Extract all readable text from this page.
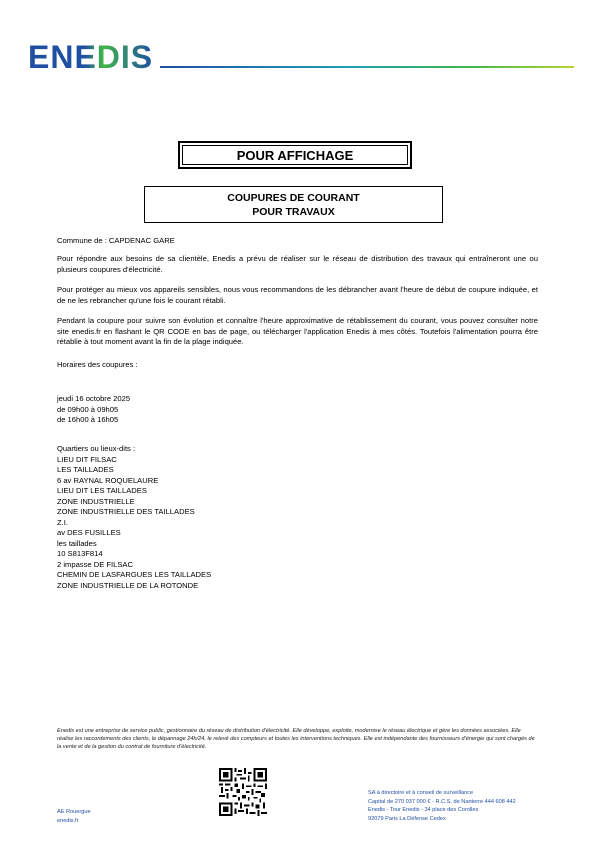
ENEDIS
POUR AFFICHAGE
COUPURES DE COURANT
POUR TRAVAUX
Commune de : CAPDENAC GARE

Pour répondre aux besoins de sa clientèle, Enedis a prévu de réaliser sur le réseau de distribution des travaux qui entraîneront une ou plusieurs coupures d'électricité.

Pour protéger au mieux vos appareils sensibles, nous vous recommandons de les débrancher avant l'heure de début de coupure indiquée, et de ne les rebrancher qu'une fois le courant rétabli.

Pendant la coupure pour suivre son évolution et connaître l'heure approximative de rétablissement du courant, vous pouvez consulter notre site enedis.fr en flashant le QR CODE en bas de page, ou télécharger l'application Enedis à mes côtés. Toutefois l'alimentation pourra être rétablie à tout moment avant la fin de la plage indiquée.

Horaires des coupures :
jeudi 16 octobre 2025
de 09h00 à 09h05
de 16h00 à 16h05
Quartiers ou lieux-dits :
LIEU DIT FILSAC
LES TAILLADES
6 av RAYNAL ROQUELAURE
LIEU DIT LES TAILLADES
ZONE INDUSTRIELLE
ZONE INDUSTRIELLE DES TAILLADES
Z.I.
av DES FUSILLES
les taillades
10 S813F814
2 impasse DE FILSAC
CHEMIN DE LASFARGUES LES TAILLADES
ZONE INDUSTRIELLE DE LA ROTONDE
Enedis est une entreprise de service public, gestionnaire du réseau de distribution d'électricité. Elle développe, exploite, modernise le réseau électrique et gère les données associées. Elle réalise les raccordements des clients, le dépannage 24h/24, le relevé des compteurs et toutes les interventions techniques. Elle est indépendante des fournisseurs d'énergie qui sont chargés de la vente et de la gestion du contrat de fourniture d'électricité.
AE Rouergue
enedis.fr
SA à directoire et à conseil de surveillance
Capital de 270 037 000 € - R.C.S. de Nanterre 444 608 442
Enedis - Tour Enedis - 34 place des Corolles
92079 Paris La Défense Cedex
